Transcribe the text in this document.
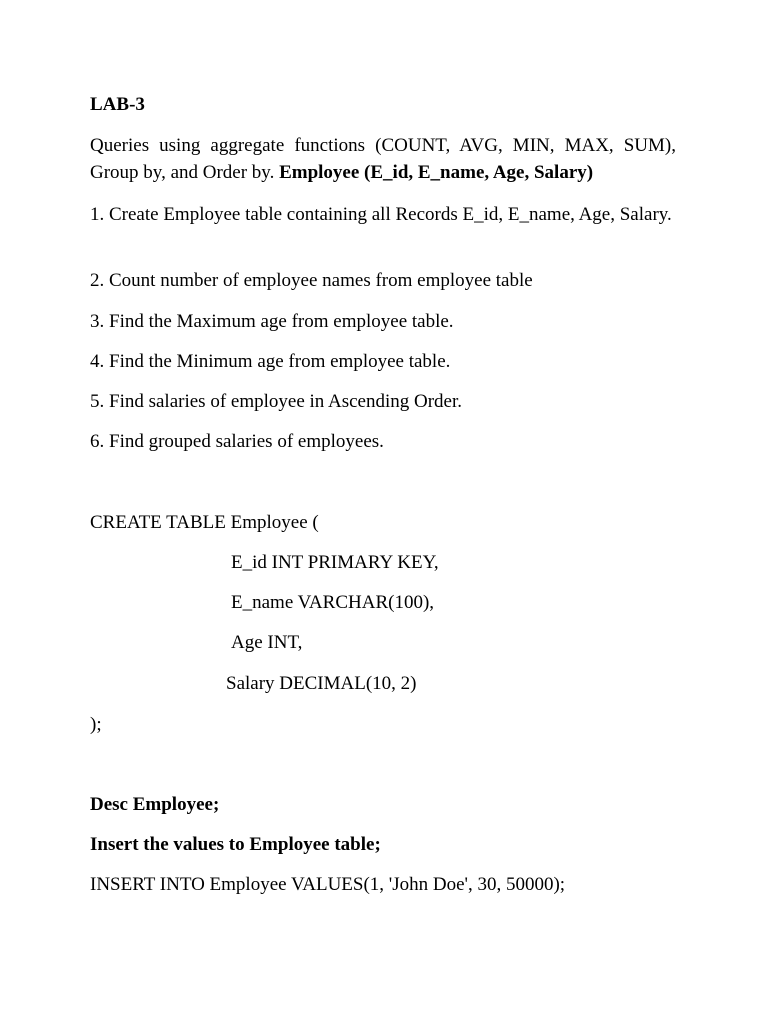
LAB-3
Queries using aggregate functions (COUNT, AVG, MIN, MAX, SUM), Group by, and Order by. Employee (E_id, E_name, Age, Salary)
1. Create Employee table containing all Records E_id, E_name, Age, Salary.
2. Count number of employee names from employee table
3. Find the Maximum age from employee table.
4. Find the Minimum age from employee table.
5. Find salaries of employee in Ascending Order.
6. Find grouped salaries of employees.
CREATE TABLE Employee (
E_id INT PRIMARY KEY,
E_name VARCHAR(100),
Age INT,
Salary DECIMAL(10, 2)
);
Desc Employee;
Insert the values to Employee table;
INSERT INTO Employee VALUES(1, 'John Doe', 30, 50000);
